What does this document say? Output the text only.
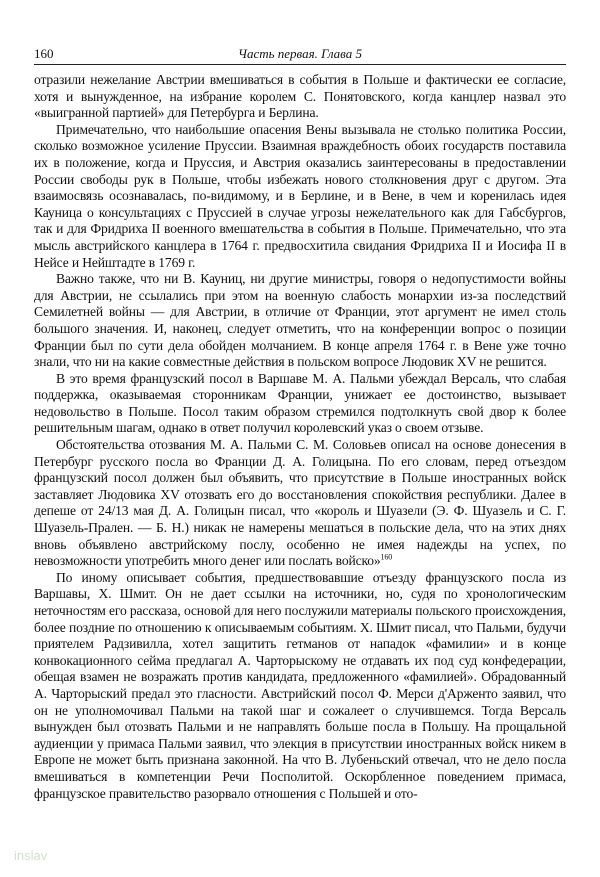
160	Часть первая. Глава 5

отразили нежелание Австрии вмешиваться в события в Польше и фактически ее согласие, хотя и вынужденное, на избрание королем С. Понятовского, когда канцлер назвал это «выигранной партией» для Петербурга и Берлина.

Примечательно, что наибольшие опасения Вены вызывала не столько политика России, сколько возможное усиление Пруссии. Взаимная враждебность обоих государств поставила их в положение, когда и Пруссия, и Австрия оказались заинтересованы в предоставлении России свободы рук в Польше, чтобы избежать нового столкновения друг с другом. Эта взаимосвязь осознавалась, по-видимому, и в Берлине, и в Вене, в чем и коренилась идея Кауница о консультациях с Пруссией в случае угрозы нежелательного как для Габсбургов, так и для Фридриха II военного вмешательства в события в Польше. Примечательно, что эта мысль австрийского канцлера в 1764 г. предвосхитила свидания Фридриха II и Иосифа II в Нейсе и Нейштадте в 1769 г.

Важно также, что ни В. Кауниц, ни другие министры, говоря о недопустимости войны для Австрии, не ссылались при этом на военную слабость монархии из-за последствий Семилетней войны — для Австрии, в отличие от Франции, этот аргумент не имел столь большого значения. И, наконец, следует отметить, что на конференции вопрос о позиции Франции был по сути дела обойден молчанием. В конце апреля 1764 г. в Вене уже точно знали, что ни на какие совместные действия в польском вопросе Людовик XV не решится.

В это время французский посол в Варшаве М. А. Пальми убеждал Версаль, что слабая поддержка, оказываемая сторонникам Франции, унижает ее достоинство, вызывает недовольство в Польше. Посол таким образом стремился подтолкнуть свой двор к более решительным шагам, однако в ответ получил королевский указ о своем отзыве.

Обстоятельства отозвания М. А. Пальми С. М. Соловьев описал на основе донесения в Петербург русского посла во Франции Д. А. Голицына. По его словам, перед отъездом французский посол должен был объявить, что присутствие в Польше иностранных войск заставляет Людовика XV отозвать его до восстановления спокойствия республики. Далее в депеше от 24/13 мая Д. А. Голицын писал, что «король и Шуазели (Э. Ф. Шуазель и С. Г. Шуазель-Прален. — Б. Н.) никак не намерены мешаться в польские дела, что на этих днях вновь объявлено австрийскому послу, особенно не имея надежды на успех, по невозможности употребить много денег или послать войско»$^{160}$

По иному описывает события, предшествовавшие отъезду французского посла из Варшавы, Х. Шмит. Он не дает ссылки на источники, но, судя по хронологическим неточностям его рассказа, основой для него послужили материалы польского происхождения, более поздние по отношению к описываемым событиям. Х. Шмит писал, что Пальми, будучи приятелем Радзивилла, хотел защитить гетманов от нападок «фамилии» и в конце конвокационного сейма предлагал А. Чарторыскому не отдавать их под суд конфедерации, обещая взамен не возражать против кандидата, предложенного «фамилией». Обрадованный А. Чарторыский предал это гласности. Австрийский посол Ф. Мерси д'Арженто заявил, что он не уполномочивал Пальми на такой шаг и сожалеет о случившемся. Тогда Версаль вынужден был отозвать Пальми и не направлять больше посла в Польшу. На прощальной аудиенции у примаса Пальми заявил, что элекция в присутствии иностранных войск никем в Европе не может быть признана законной. На что В. Лубеньский отвечал, что не дело посла вмешиваться в компетенции Речи Посполитой. Оскорбленное поведением примаса, французское правительство разорвало отношения с Польшей и ото-

inslav
